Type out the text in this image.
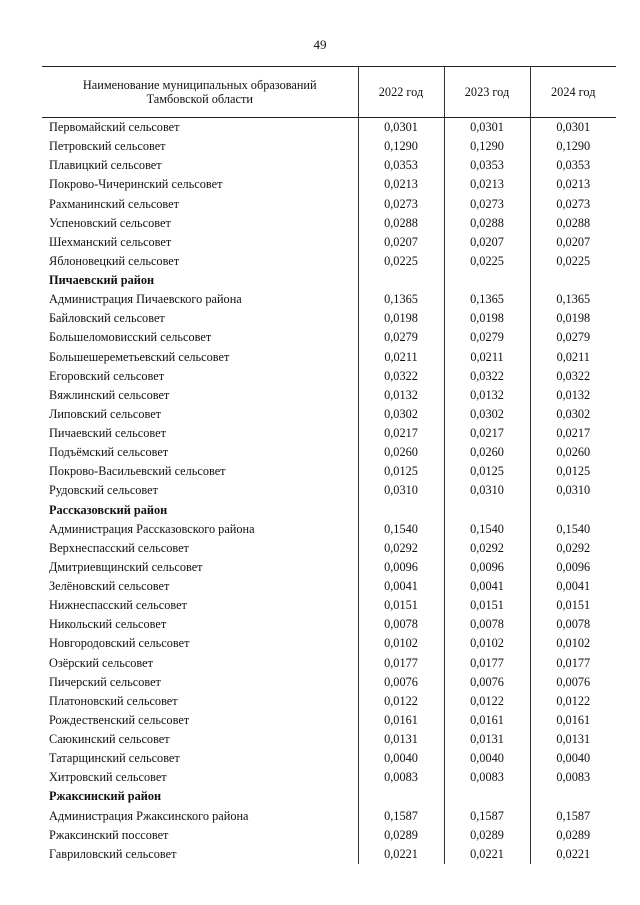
49
Наименование муниципальных образований
Тамбовской области	2022 год	2023 год	2024 год
Первомайский сельсовет	0,0301	0,0301	0,0301
Петровский сельсовет	0,1290	0,1290	0,1290
Плавицкий сельсовет	0,0353	0,0353	0,0353
Покрово-Чичеринский сельсовет	0,0213	0,0213	0,0213
Рахманинский сельсовет	0,0273	0,0273	0,0273
Успеновский сельсовет	0,0288	0,0288	0,0288
Шехманский сельсовет	0,0207	0,0207	0,0207
Яблоновецкий сельсовет	0,0225	0,0225	0,0225
Пичаевский район			
Администрация Пичаевского района	0,1365	0,1365	0,1365
Байловский сельсовет	0,0198	0,0198	0,0198
Большеломовисский сельсовет	0,0279	0,0279	0,0279
Большешереметьевский сельсовет	0,0211	0,0211	0,0211
Егоровский сельсовет	0,0322	0,0322	0,0322
Вяжлинский сельсовет	0,0132	0,0132	0,0132
Липовский сельсовет	0,0302	0,0302	0,0302
Пичаевский сельсовет	0,0217	0,0217	0,0217
Подъёмский сельсовет	0,0260	0,0260	0,0260
Покрово-Васильевский сельсовет	0,0125	0,0125	0,0125
Рудовский сельсовет	0,0310	0,0310	0,0310
Рассказовский район			
Администрация Рассказовского района	0,1540	0,1540	0,1540
Верхнеспасский сельсовет	0,0292	0,0292	0,0292
Дмитриевщинский сельсовет	0,0096	0,0096	0,0096
Зелёновский сельсовет	0,0041	0,0041	0,0041
Нижнеспасский сельсовет	0,0151	0,0151	0,0151
Никольский сельсовет	0,0078	0,0078	0,0078
Новгородовский сельсовет	0,0102	0,0102	0,0102
Озёрский сельсовет	0,0177	0,0177	0,0177
Пичерский сельсовет	0,0076	0,0076	0,0076
Платоновский сельсовет	0,0122	0,0122	0,0122
Рождественский сельсовет	0,0161	0,0161	0,0161
Саюкинский сельсовет	0,0131	0,0131	0,0131
Татарщинский сельсовет	0,0040	0,0040	0,0040
Хитровский сельсовет	0,0083	0,0083	0,0083
Ржаксинский район			
Администрация Ржаксинского района	0,1587	0,1587	0,1587
Ржаксинский поссовет	0,0289	0,0289	0,0289
Гавриловский сельсовет	0,0221	0,0221	0,0221
